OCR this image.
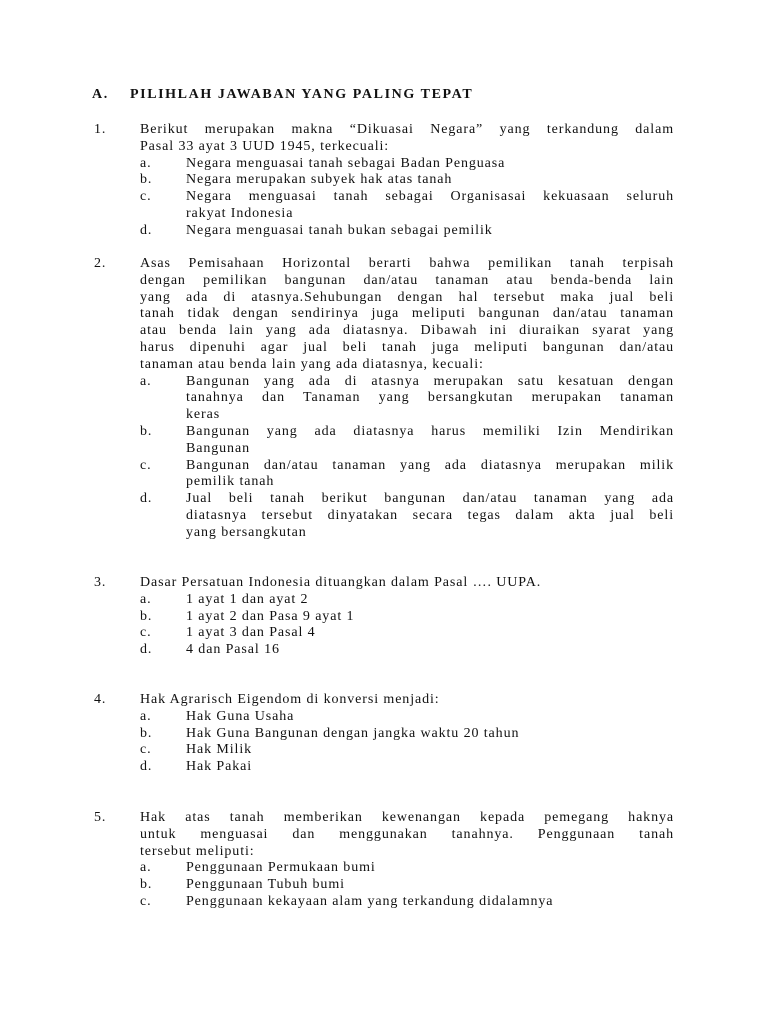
A.	PILIHLAH JAWABAN YANG PALING TEPAT
1.	Berikut merupakan makna “Dikuasai Negara” yang terkandung dalam
Pasal 33 ayat 3 UUD 1945, terkecuali:
a.	Negara menguasai tanah sebagai Badan Penguasa
b.	Negara merupakan subyek hak atas tanah
c.	Negara menguasai tanah sebagai Organisasai kekuasaan seluruh
rakyat Indonesia
d.	Negara menguasai tanah bukan sebagai pemilik
2.	Asas Pemisahaan Horizontal berarti bahwa pemilikan tanah terpisah
dengan pemilikan bangunan dan/atau tanaman atau benda-benda lain
yang ada di atasnya.Sehubungan dengan hal tersebut maka jual beli
tanah tidak dengan sendirinya juga meliputi bangunan dan/atau tanaman
atau benda lain yang ada diatasnya. Dibawah ini diuraikan syarat yang
harus dipenuhi agar jual beli tanah juga meliputi bangunan dan/atau
tanaman atau benda lain yang ada diatasnya, kecuali:
a.	Bangunan yang ada di atasnya merupakan satu kesatuan dengan
tanahnya dan Tanaman yang bersangkutan merupakan tanaman
keras
b.	Bangunan yang ada diatasnya harus memiliki Izin Mendirikan
Bangunan
c.	Bangunan dan/atau tanaman yang ada diatasnya merupakan milik
pemilik tanah
d.	Jual beli tanah berikut bangunan dan/atau tanaman yang ada
diatasnya tersebut dinyatakan secara tegas dalam akta jual beli
yang bersangkutan
3.	Dasar Persatuan Indonesia dituangkan dalam Pasal …. UUPA.
a.	1 ayat 1 dan ayat 2
b.	1 ayat 2 dan Pasa 9 ayat 1
c.	1 ayat 3 dan Pasal 4
d.	4 dan Pasal 16
4.	Hak Agrarisch Eigendom di konversi menjadi:
a.	Hak Guna Usaha
b.	Hak Guna Bangunan dengan jangka waktu 20 tahun
c.	Hak Milik
d.	Hak Pakai
5.	Hak atas tanah memberikan kewenangan kepada pemegang haknya
untuk menguasai dan menggunakan tanahnya. Penggunaan tanah
tersebut meliputi:
a.	Penggunaan Permukaan bumi
b.	Penggunaan Tubuh bumi
c.	Penggunaan kekayaan alam yang terkandung didalamnya
